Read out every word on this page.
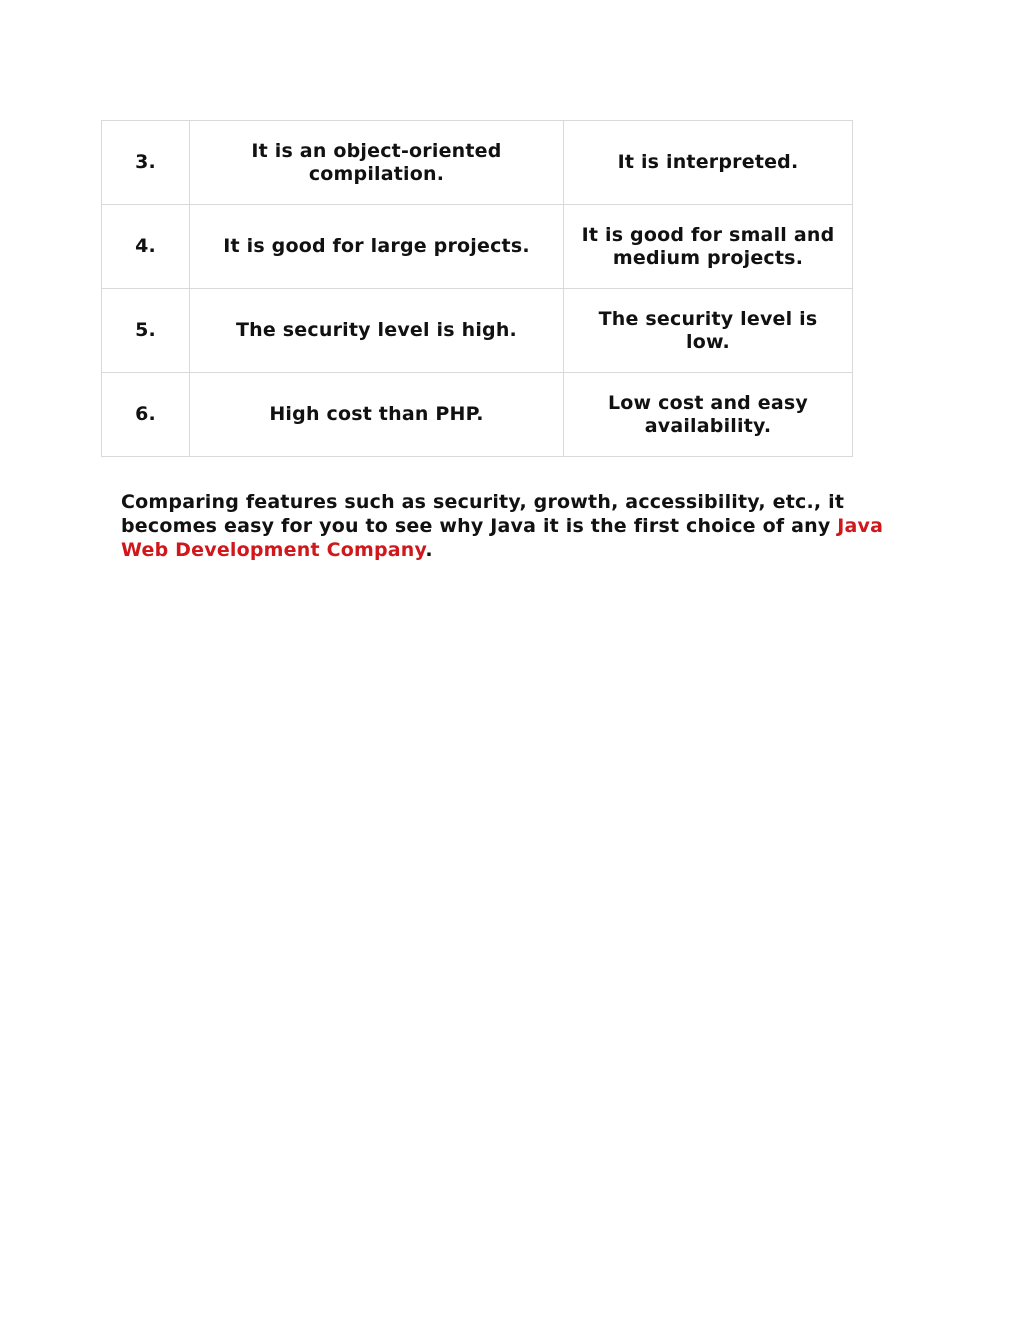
3.	It is an object-oriented compilation.	It is interpreted.
4.	It is good for large projects.	It is good for small and medium projects.
5.	The security level is high.	The security level is low.
6.	High cost than PHP.	Low cost and easy availability.

Comparing features such as security, growth, accessibility, etc., it becomes easy for you to see why Java it is the first choice of any Java Web Development Company.
